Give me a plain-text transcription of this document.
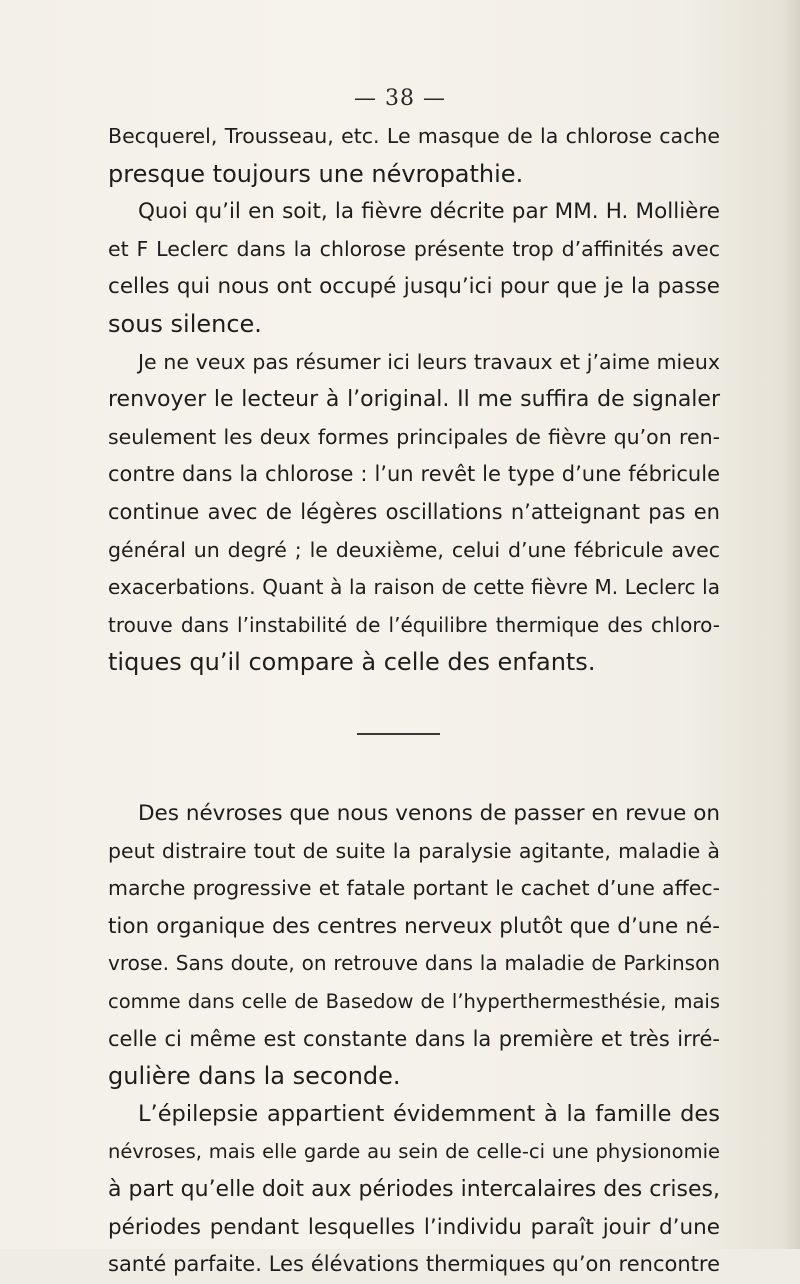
— 38 —
Becquerel, Trousseau, etc. Le masque de la chlorose cache
presque toujours une névropathie.
Quoi qu’il en soit, la fièvre décrite par MM. H. Mollière
et F Leclerc dans la chlorose présente trop d’affinités avec
celles qui nous ont occupé jusqu’ici pour que je la passe
sous silence.
Je ne veux pas résumer ici leurs travaux et j’aime mieux
renvoyer le lecteur à l’original. Il me suffira de signaler
seulement les deux formes principales de fièvre qu’on ren-
contre dans la chlorose : l’un revêt le type d’une fébricule
continue avec de légères oscillations n’atteignant pas en
général un degré ; le deuxième, celui d’une fébricule avec
exacerbations. Quant à la raison de cette fièvre M. Leclerc la
trouve dans l’instabilité de l’équilibre thermique des chloro-
tiques qu’il compare à celle des enfants.
Des névroses que nous venons de passer en revue on
peut distraire tout de suite la paralysie agitante, maladie à
marche progressive et fatale portant le cachet d’une affec-
tion organique des centres nerveux plutôt que d’une né-
vrose. Sans doute, on retrouve dans la maladie de Parkinson
comme dans celle de Basedow de l’hyperthermesthésie, mais
celle ci même est constante dans la première et très irré-
gulière dans la seconde.
L’épilepsie appartient évidemment à la famille des
névroses, mais elle garde au sein de celle-ci une physionomie
à part qu’elle doit aux périodes intercalaires des crises,
périodes pendant lesquelles l’individu paraît jouir d’une
santé parfaite. Les élévations thermiques qu’on rencontre
